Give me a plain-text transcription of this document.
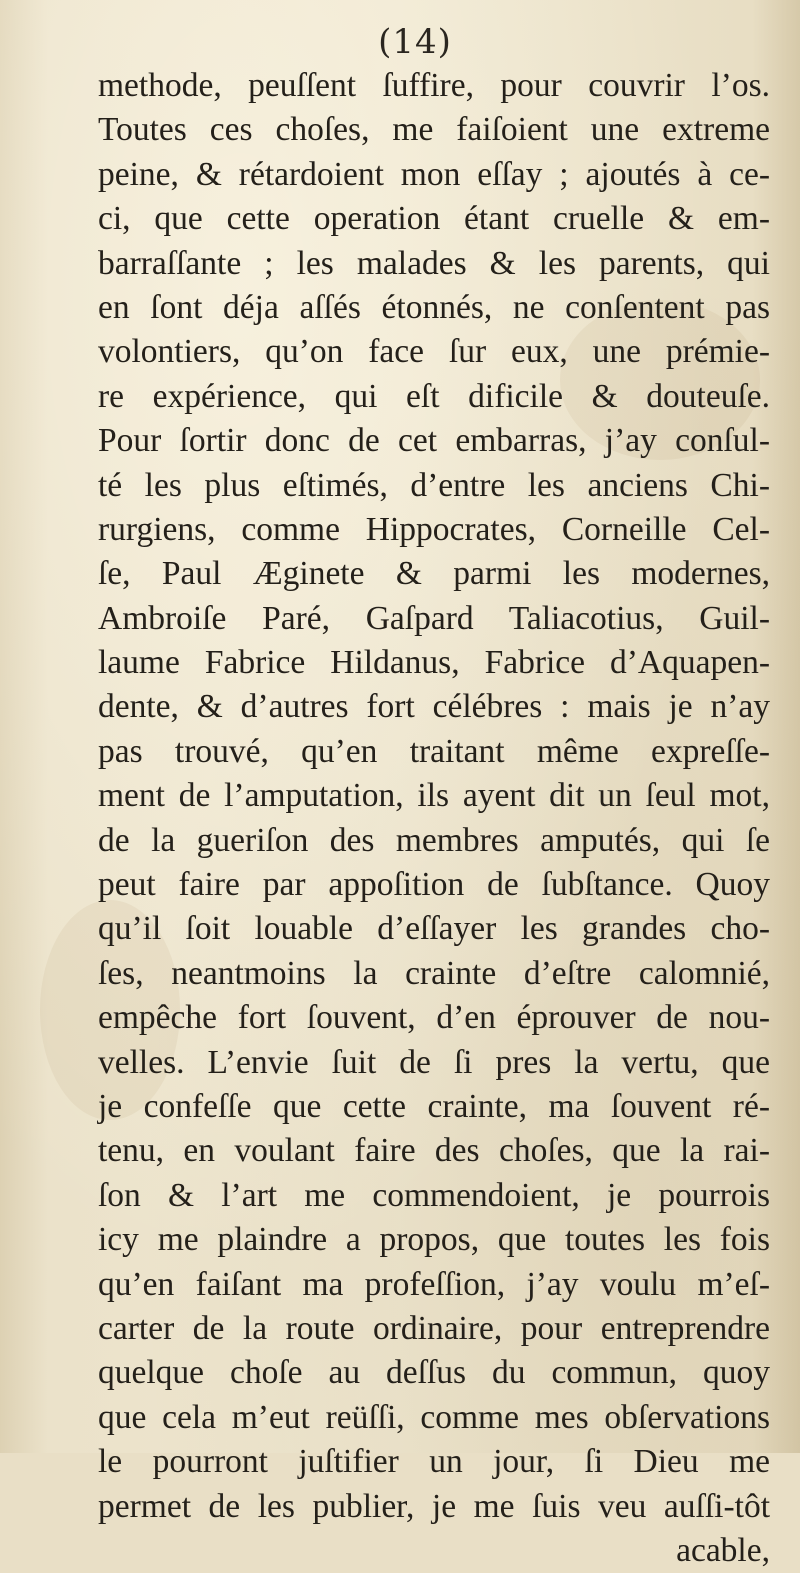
(14)
methode, peuſſent ſuffire, pour couvrir l’os.
Toutes ces choſes, me faiſoient une extreme
peine, & rétardoient mon eſſay ; ajoutés à ce-
ci, que cette operation étant cruelle & em-
barraſſante ; les malades & les parents, qui
en ſont déja aſſés étonnés, ne conſentent pas
volontiers, qu’on face ſur eux, une prémie-
re expérience, qui eſt dificile & douteuſe.
Pour ſortir donc de cet embarras, j’ay conſul-
té les plus eſtimés, d’entre les anciens Chi-
rurgiens, comme Hippocrates, Corneille Cel-
ſe, Paul Æginete & parmi les modernes,
Ambroiſe Paré, Gaſpard Taliacotius, Guil-
laume Fabrice Hildanus, Fabrice d’Aquapen-
dente, & d’autres fort célébres : mais je n’ay
pas trouvé, qu’en traitant même expreſſe-
ment de l’amputation, ils ayent dit un ſeul mot,
de la gueriſon des membres amputés, qui ſe
peut faire par appoſition de ſubſtance. Quoy
qu’il ſoit louable d’eſſayer les grandes cho-
ſes, neantmoins la crainte d’eſtre calomnié,
empêche fort ſouvent, d’en éprouver de nou-
velles. L’envie ſuit de ſi pres la vertu, que
je confeſſe que cette crainte, ma ſouvent ré-
tenu, en voulant faire des choſes, que la rai-
ſon & l’art me commendoient, je pourrois
icy me plaindre a propos, que toutes les fois
qu’en faiſant ma profeſſion, j’ay voulu m’eſ-
carter de la route ordinaire, pour entreprendre
quelque choſe au deſſus du commun, quoy
que cela m’eut reüſſi, comme mes obſervations
le pourront juſtifier un jour, ſi Dieu me
permet de les publier, je me ſuis veu auſſi-tôt
acable,
